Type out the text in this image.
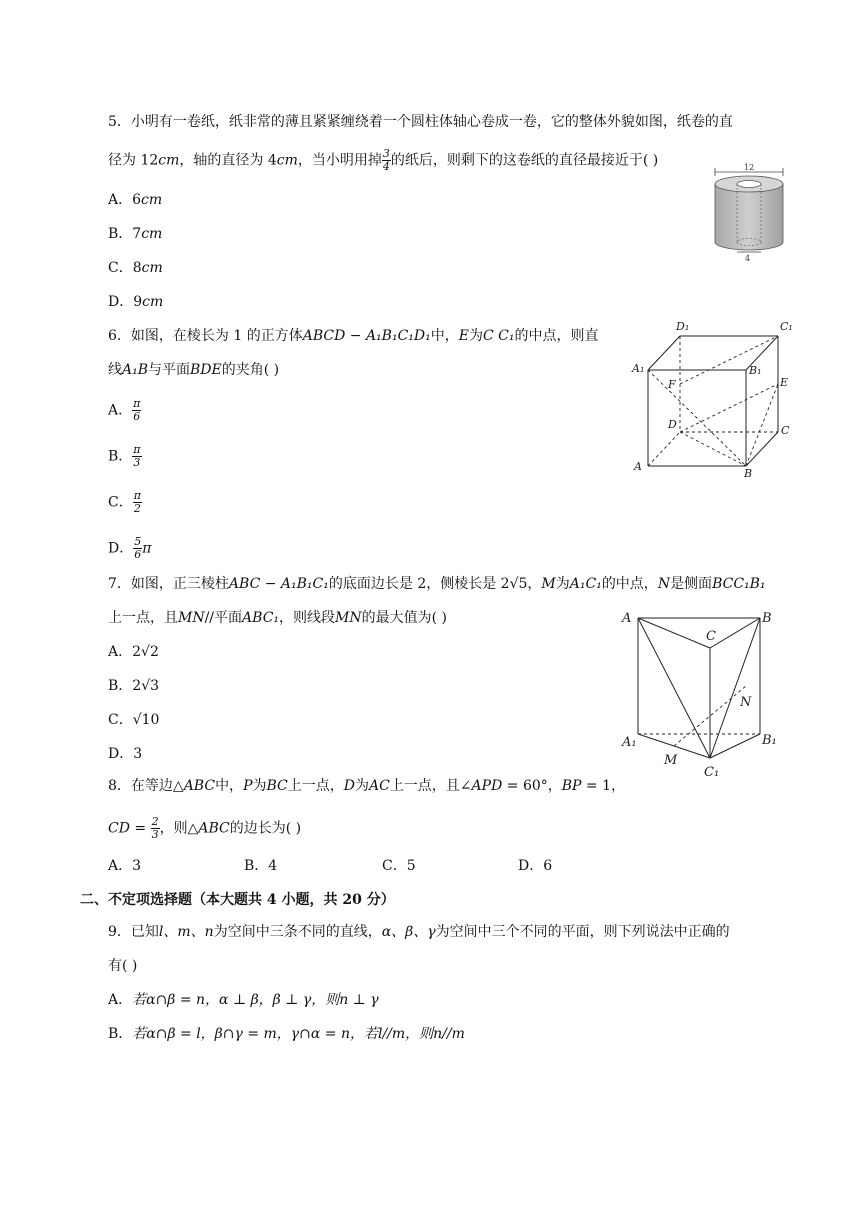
5．小明有一卷纸，纸非常的薄且紧紧缠绕着一个圆柱体轴心卷成一卷，它的整体外貌如图，纸卷的直
径为 12cm，轴的直径为 4cm，当小明用掉 $\frac{3}{4}$ 的纸后，则剩下的这卷纸的直径最接近于( )
A．6cm
B．7cm
C．8cm
D．9cm
12
4
6．如图，在棱长为 1 的正方体ABCD − A₁B₁C₁D₁中，E为C C₁的中点，则直
线A₁B与平面BDE的夹角( )
A． $\frac{\pi}{6}$
B． $\frac{\pi}{3}$
C． $\frac{\pi}{2}$
D． $\frac{5}{6}$ π
D₁	C₁
A₁	B₁
F	E
D	C
A
B
7．如图，正三棱柱ABC − A₁B₁C₁的底面边长是 2，侧棱长是 2√5，M为A₁C₁的中点，N是侧面BCC₁B₁
上一点，且MN//平面ABC₁，则线段MN的最大值为( )
A．2√2
B．2√3
C．√10
D．3
A	B
C
N
A₁	B₁
M
C₁
8．在等边△ABC中，P为BC上一点，D为AC上一点，且∠APD = 60°，BP = 1，
CD = $\frac{2}{3}$ ，则△ABC的边长为( )
A．3	B．4	C．5	D．6
二、不定项选择题（本大题共 4 小题，共 20 分）
9．已知l、m、n为空间中三条不同的直线，α、β、γ为空间中三个不同的平面，则下列说法中正确的
有( )
A．若α∩β = n，α ⊥ β，β ⊥ γ，则n ⊥ γ
B．若α∩β = l，β∩γ = m，γ∩α = n，若l//m，则n//m
